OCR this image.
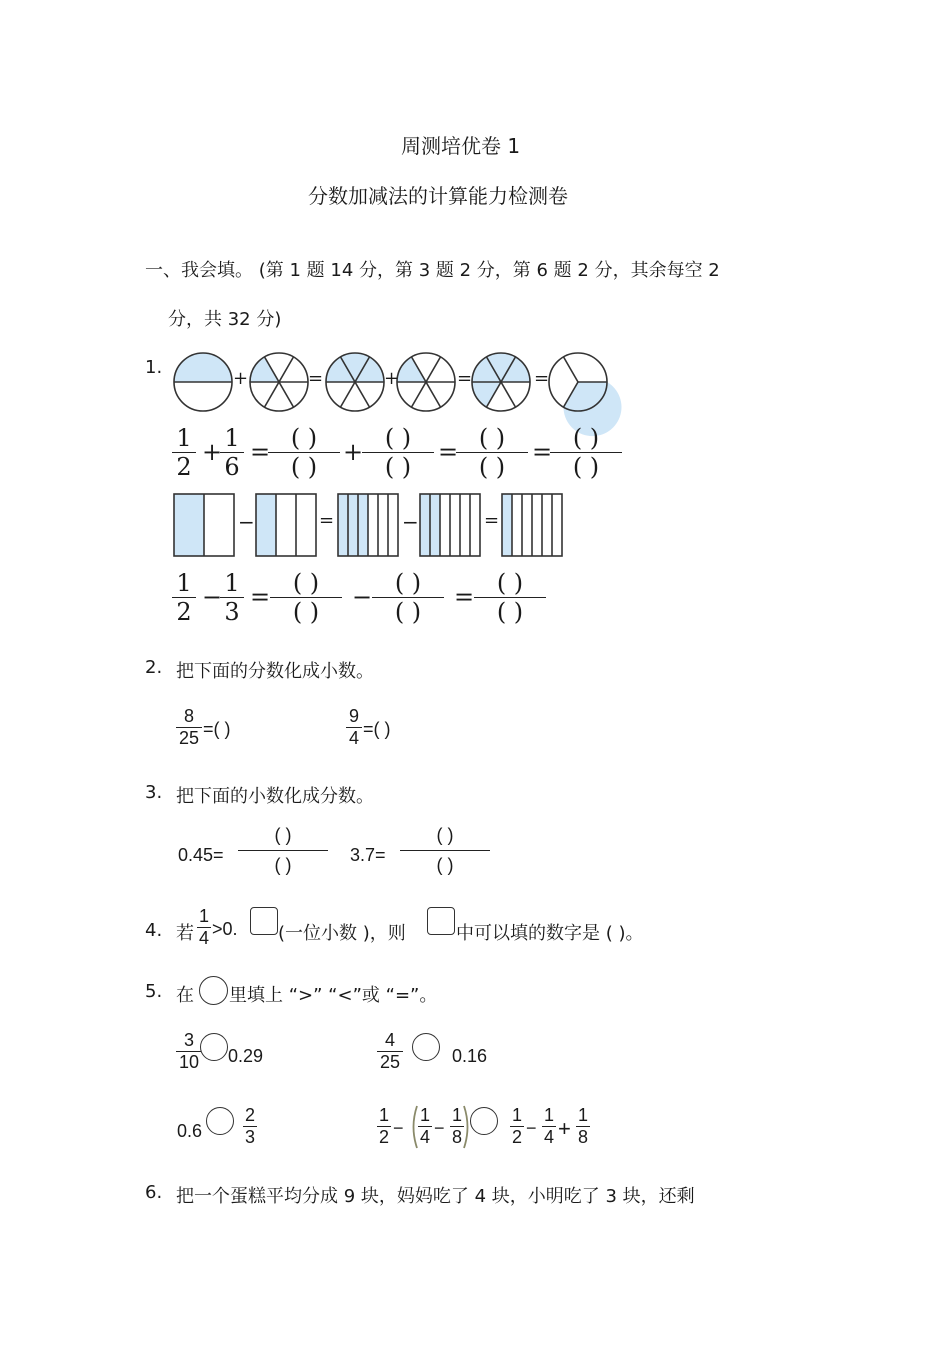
周测培优卷 1
分数加减法的计算能力检测卷
一、我会填。 (第 1 题 14 分，第 3 题 2 分，第 6 题 2 分，其余每空 2
分，共 32 分)
1.
+	=	+	=	=
1
2
+ 1
6
= ( )
( )
+ ( )
( )
= ( )
( )
= ( )
( )
−	=	−	=
1
2
− 1
3
= ( )
( )
− ( )
( )
= ( )
( )
2. 把下面的分数化成小数。
8
25 =( )
9
4 =( )
3. 把下面的小数化成分数。
0.45=
( )
( )	3.7=
( )
( )
4. 若
1
4 >0. (一位小数 )，则	中可以填的数字是 ( )。
5. 在 里填上 “>” “<”或 “=”。
3
10 0.29
4
25	0.16
0.6
2
3
1
2 −
1
4 −
1
8
1
2 −
1
4 +
1
8
6. 把一个蛋糕平均分成 9 块，妈妈吃了 4 块，小明吃了 3 块，还剩
